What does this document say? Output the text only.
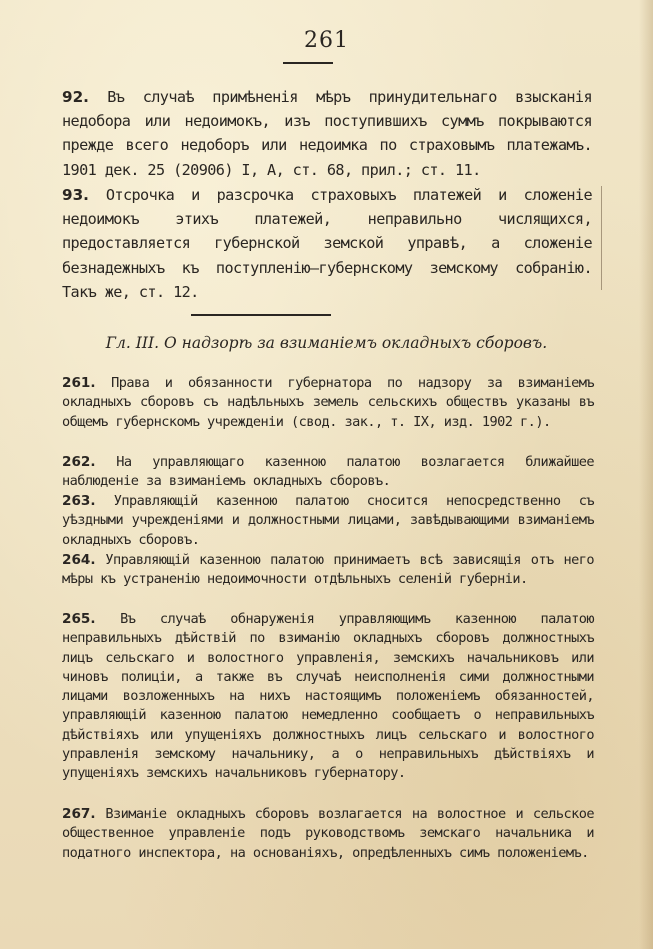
261

92. Въ случаѣ примѣненія мѣръ принудительнаго взысканія недобора или недоимокъ, изъ поступившихъ суммъ покрываются прежде всего недоборъ или недоимка по страховымъ платежамъ. 1901 дек. 25 (20906) I, А, ст. 68, прил.; ст. 11.

93. Отсрочка и разсрочка страховыхъ платежей и сложеніе недоимокъ этихъ платежей, неправильно числящихся, предоставляется губернской земской управѣ, а сложеніе безнадежныхъ къ поступленію—губернскому земскому собранію. Такъ же, ст. 12.

Гл. III. О надзорѣ за взиманіемъ окладныхъ сборовъ.

261. Права и обязанности губернатора по надзору за взиманіемъ окладныхъ сборовъ съ надѣльныхъ земель сельскихъ обществъ указаны въ общемъ губернскомъ учрежденіи (свод. зак., т. IX, изд. 1902 г.).

262. На управляющаго казенною палатою возлагается ближайшее наблюденіе за взиманіемъ окладныхъ сборовъ.

263. Управляющій казенною палатою сносится непосредственно съ уѣздными учрежденіями и должностными лицами, завѣдывающими взиманіемъ окладныхъ сборовъ.

264. Управляющій казенною палатою принимаетъ всѣ зависящія отъ него мѣры къ устраненію недоимочности отдѣльныхъ селеній губерніи.

265. Въ случаѣ обнаруженія управляющимъ казенною палатою неправильныхъ дѣйствій по взиманію окладныхъ сборовъ должностныхъ лицъ сельскаго и волостного управленія, земскихъ начальниковъ или чиновъ полиціи, а также въ случаѣ неисполненія сими должностными лицами возложенныхъ на нихъ настоящимъ положеніемъ обязанностей, управляющій казенною палатою немедленно сообщаетъ о неправильныхъ дѣйствіяхъ или упущеніяхъ должностныхъ лицъ сельскаго и волостного управленія земскому начальнику, а о неправильныхъ дѣйствіяхъ и упущеніяхъ земскихъ начальниковъ губернатору.

267. Взиманіе окладныхъ сборовъ возлагается на волостное и сельское общественное управленіе подъ руководствомъ земскаго начальника и податного инспектора, на основаніяхъ, опредѣленныхъ симъ положеніемъ.
